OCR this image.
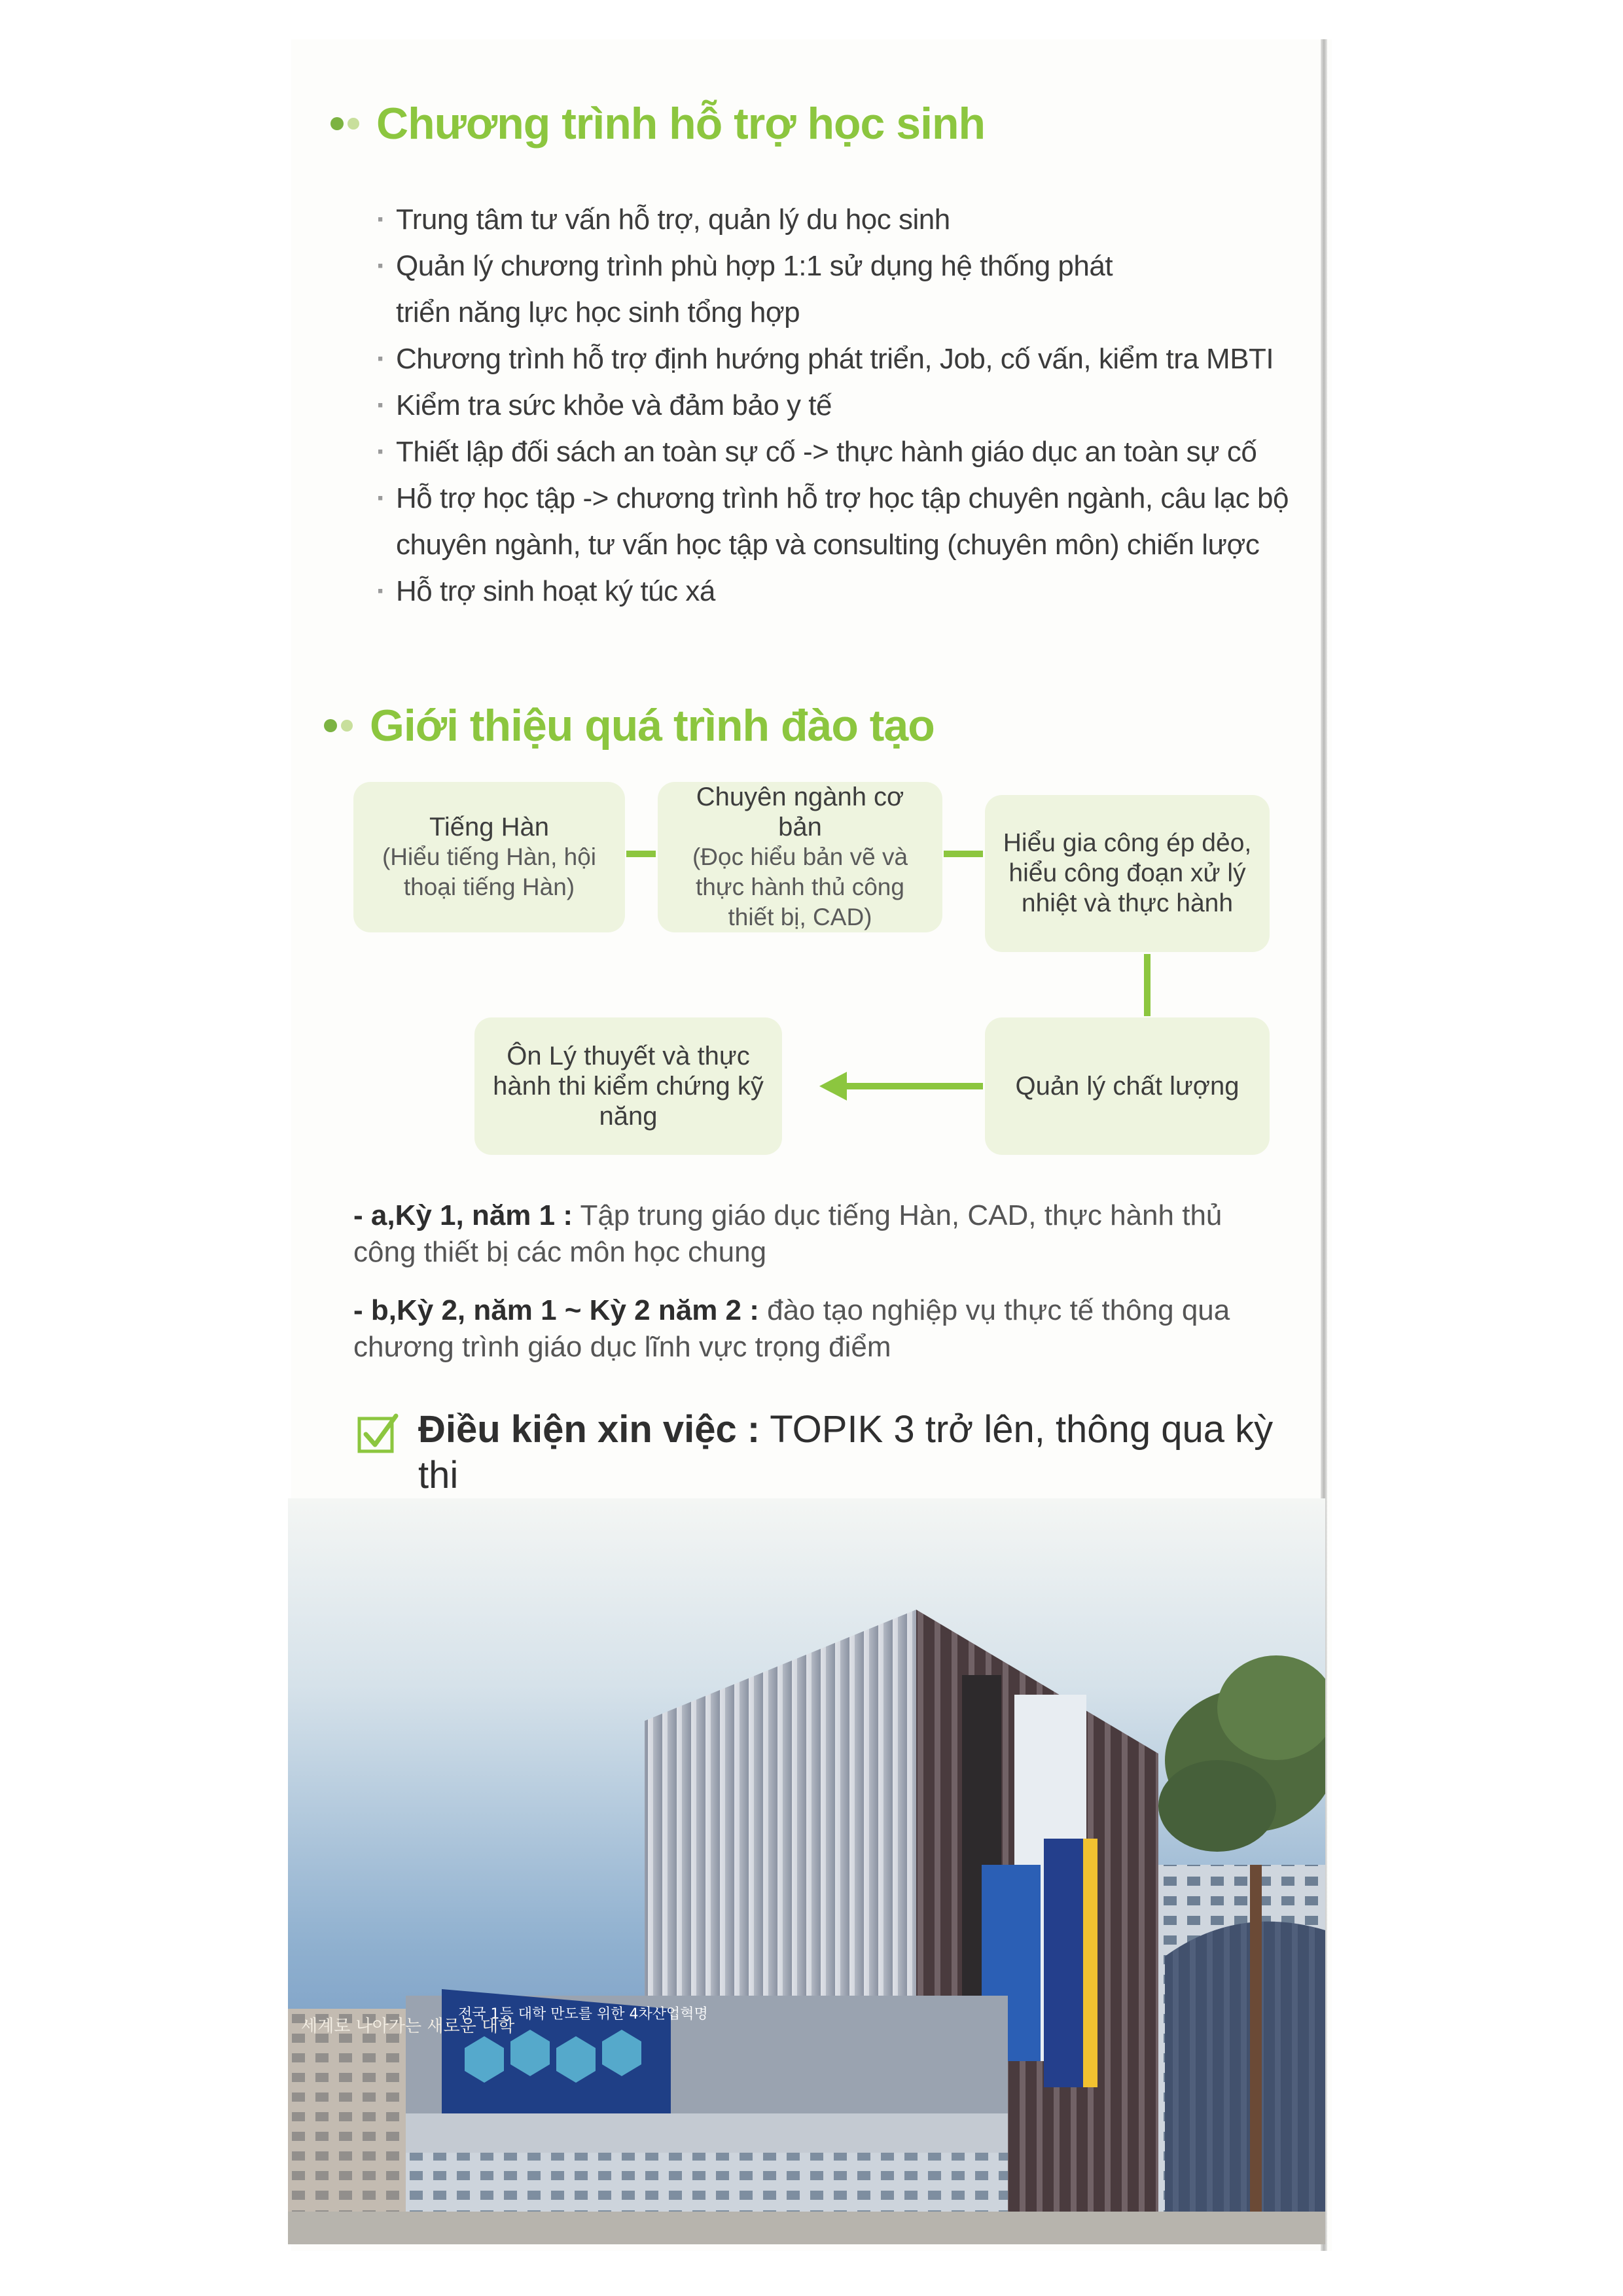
Chương trình hỗ trợ học sinh
· Trung tâm tư vấn hỗ trợ, quản lý du học sinh
· Quản lý chương trình phù hợp 1:1 sử dụng hệ thống phát triển năng lực học sinh tổng hợp
· Chương trình hỗ trợ định hướng phát triển, Job, cố vấn, kiểm tra MBTI
· Kiểm tra sức khỏe và đảm bảo y tế
· Thiết lập đối sách an toàn sự cố -> thực hành giáo dục an toàn sự cố
· Hỗ trợ học tập -> chương trình hỗ trợ học tập chuyên ngành, câu lạc bộ chuyên ngành, tư vấn học tập và consulting (chuyên môn) chiến lược
· Hỗ trợ sinh hoạt ký túc xá
Giới thiệu quá trình đào tạo
Tiếng Hàn
(Hiểu tiếng Hàn, hội thoại tiếng Hàn)
Chuyên ngành cơ bản
(Đọc hiểu bản vẽ và thực hành thủ công thiết bị, CAD)
Hiểu gia công ép dẻo, hiểu công đoạn xử lý nhiệt và thực hành
Quản lý chất lượng
Ôn Lý thuyết và thực hành thi kiểm chứng kỹ năng
- a,Kỳ 1, năm 1 : Tập trung giáo dục tiếng Hàn, CAD, thực hành thủ công thiết bị các môn học chung
- b,Kỳ 2, năm 1 ~ Kỳ 2 năm 2 : đào tạo nghiệp vụ thực tế thông qua chương trình giáo dục lĩnh vực trọng điểm
Điều kiện xin việc : TOPIK 3 trở lên, thông qua kỳ thi
전국 1등 대학 만도를 위한 4차산업혁명
세계로 나아가는 새로운 대학
